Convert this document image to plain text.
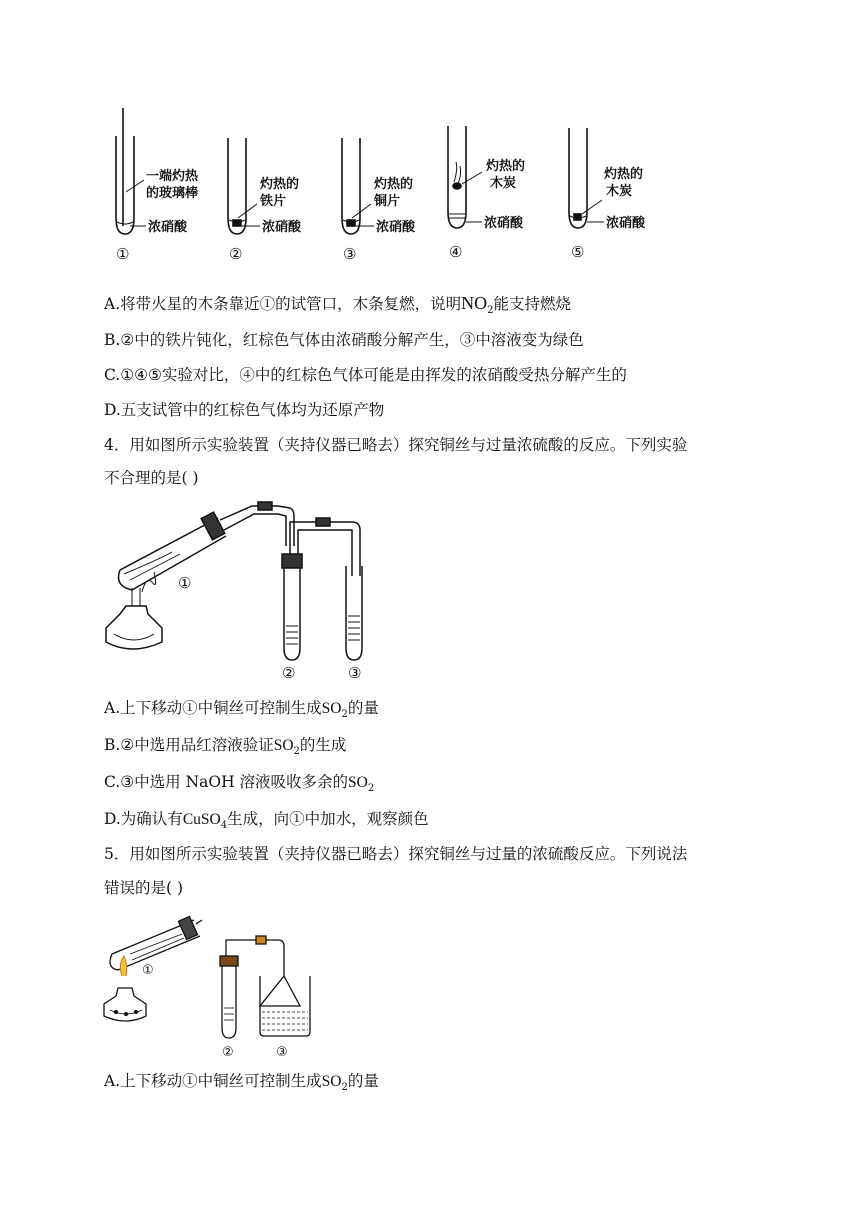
一端灼热
的玻璃棒
浓硝酸
①
灼热的
铁片
浓硝酸
②
灼热的
铜片
浓硝酸
③
灼热的
木炭
浓硝酸
④
灼热的
木炭
浓硝酸
⑤
A.将带火星的木条靠近①的试管口，木条复燃，说明$NO_2$能支持燃烧
B.②中的铁片钝化，红棕色气体由浓硝酸分解产生，③中溶液变为绿色
C.①④⑤实验对比，④中的红棕色气体可能是由挥发的浓硝酸受热分解产生的
D.五支试管中的红棕色气体均为还原产物
4．用如图所示实验装置（夹持仪器已略去）探究铜丝与过量浓硫酸的反应。下列实验
不合理的是( )
①
②	③
A.上下移动①中铜丝可控制生成$SO_2$的量
B.②中选用品红溶液验证$SO_2$的生成
C.③中选用 NaOH 溶液吸收多余的$SO_2$
D.为确认有CuSO$_4$生成，向①中加水，观察颜色
5．用如图所示实验装置（夹持仪器已略去）探究铜丝与过量的浓硫酸反应。下列说法
错误的是( )
①
②	③
A.上下移动①中铜丝可控制生成$SO_2$的量
